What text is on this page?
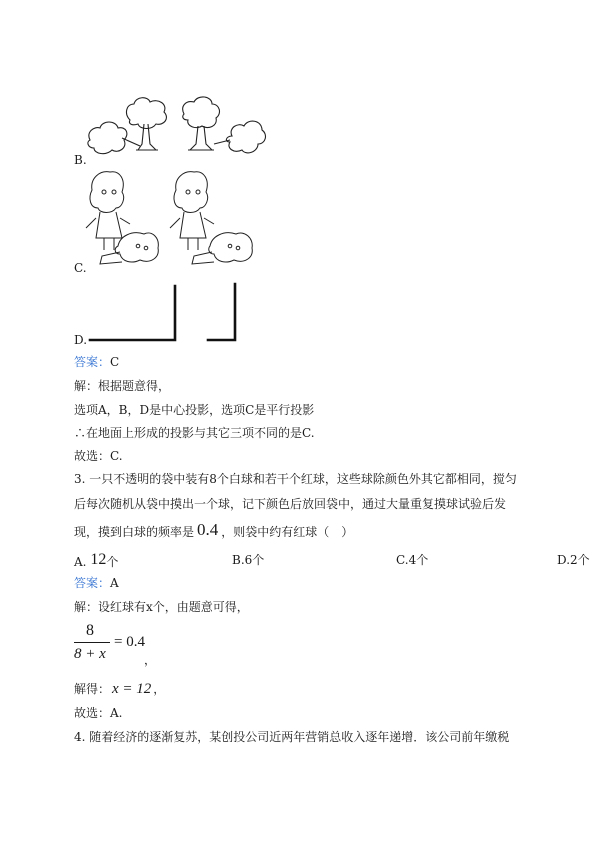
B.
C.
D.
答案：C
解：根据题意得，
选项A，B，D是中心投影，选项C是平行投影
∴在地面上形成的投影与其它三项不同的是C.
故选：C.
3. 一只不透明的袋中装有8个白球和若干个红球，这些球除颜色外其它都相同，搅匀
后每次随机从袋中摸出一个球，记下颜色后放回袋中，通过大量重复摸球试验后发
现，摸到白球的频率是 0.4 ，则袋中约有红球（　）
A. 12个	B.6个	C.4个	D.2个
答案：A
解：设红球有x个，由题意可得，
8
8 + x
= 0.4
，
解得： x = 12 ，
故选：A.
4. 随着经济的逐渐复苏，某创投公司近两年营销总收入逐年递增．该公司前年缴税
